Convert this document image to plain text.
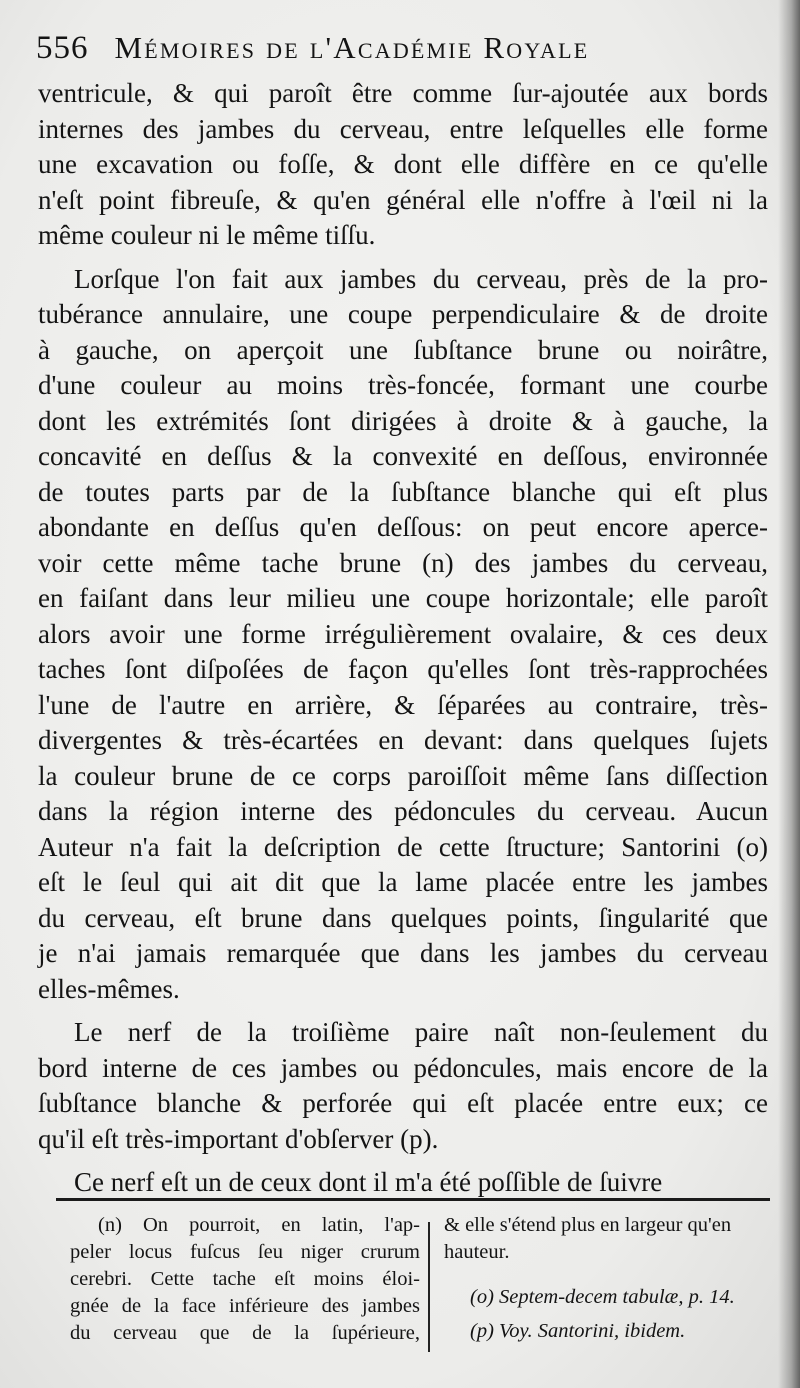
556 Mémoires de l'Académie Royale
ventricule, & qui paroît être comme ſur-ajoutée aux bords
internes des jambes du cerveau, entre leſquelles elle forme
une excavation ou foſſe, & dont elle diffère en ce qu'elle
n'eſt point fibreuſe, & qu'en général elle n'offre à l'œil ni la
même couleur ni le même tiſſu.
Lorſque l'on fait aux jambes du cerveau, près de la pro-
tubérance annulaire, une coupe perpendiculaire & de droite
à gauche, on aperçoit une ſubſtance brune ou noirâtre,
d'une couleur au moins très-foncée, formant une courbe
dont les extrémités ſont dirigées à droite & à gauche, la
concavité en deſſus & la convexité en deſſous, environnée
de toutes parts par de la ſubſtance blanche qui eſt plus
abondante en deſſus qu'en deſſous: on peut encore aperce-
voir cette même tache brune (n) des jambes du cerveau,
en faiſant dans leur milieu une coupe horizontale; elle paroît
alors avoir une forme irrégulièrement ovalaire, & ces deux
taches ſont diſpoſées de façon qu'elles ſont très-rapprochées
l'une de l'autre en arrière, & ſéparées au contraire, très-
divergentes & très-écartées en devant: dans quelques ſujets
la couleur brune de ce corps paroiſſoit même ſans diſſection
dans la région interne des pédoncules du cerveau. Aucun
Auteur n'a fait la deſcription de cette ſtructure; Santorini (o)
eſt le ſeul qui ait dit que la lame placée entre les jambes
du cerveau, eſt brune dans quelques points, ſingularité que
je n'ai jamais remarquée que dans les jambes du cerveau
elles-mêmes.
Le nerf de la troiſième paire naît non-ſeulement du
bord interne de ces jambes ou pédoncules, mais encore de la
ſubſtance blanche & perforée qui eſt placée entre eux; ce
qu'il eſt très-important d'obſerver (p).
Ce nerf eſt un de ceux dont il m'a été poſſible de ſuivre
(n) On pourroit, en latin, l'ap-
peler locus fuſcus ſeu niger crurum
cerebri. Cette tache eſt moins éloi-
gnée de la face inférieure des jambes
du cerveau que de la ſupérieure,
& elle s'étend plus en largeur qu'en
hauteur.
(o) Septem-decem tabulæ, p. 14.
(p) Voy. Santorini, ibidem.
